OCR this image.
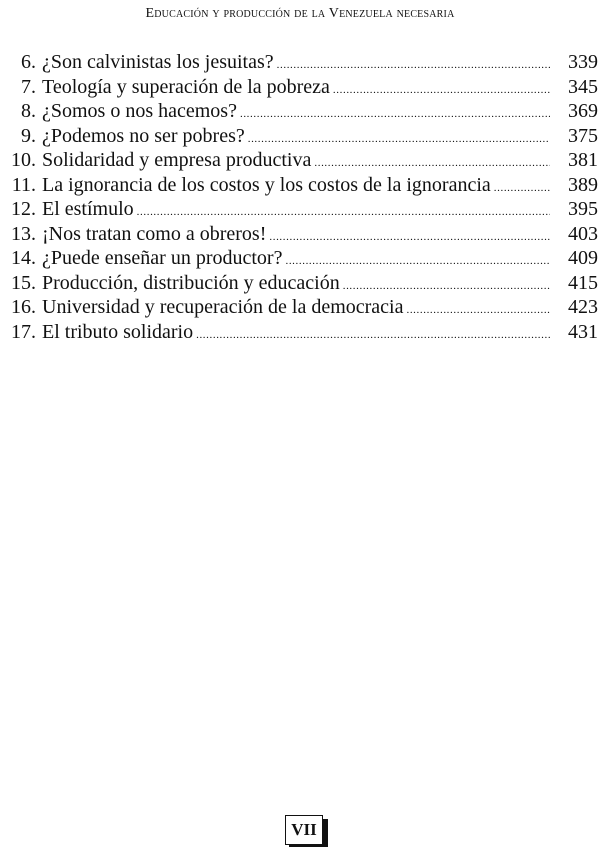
Educación y producción de la Venezuela necesaria
6. ¿Son calvinistas los jesuitas? .....	339
7. Teología y superación de la pobreza .....	345
8. ¿Somos o nos hacemos? .....	369
9. ¿Podemos no ser pobres? .....	375
10. Solidaridad y empresa productiva .....	381
11. La ignorancia de los costos y los costos de la ignorancia .....	389
12. El estímulo .....	395
13. ¡Nos tratan como a obreros! .....	403
14. ¿Puede enseñar un productor? .....	409
15. Producción, distribución y educación .....	415
16. Universidad y recuperación de la democracia .....	423
17. El tributo solidario .....	431
VII
